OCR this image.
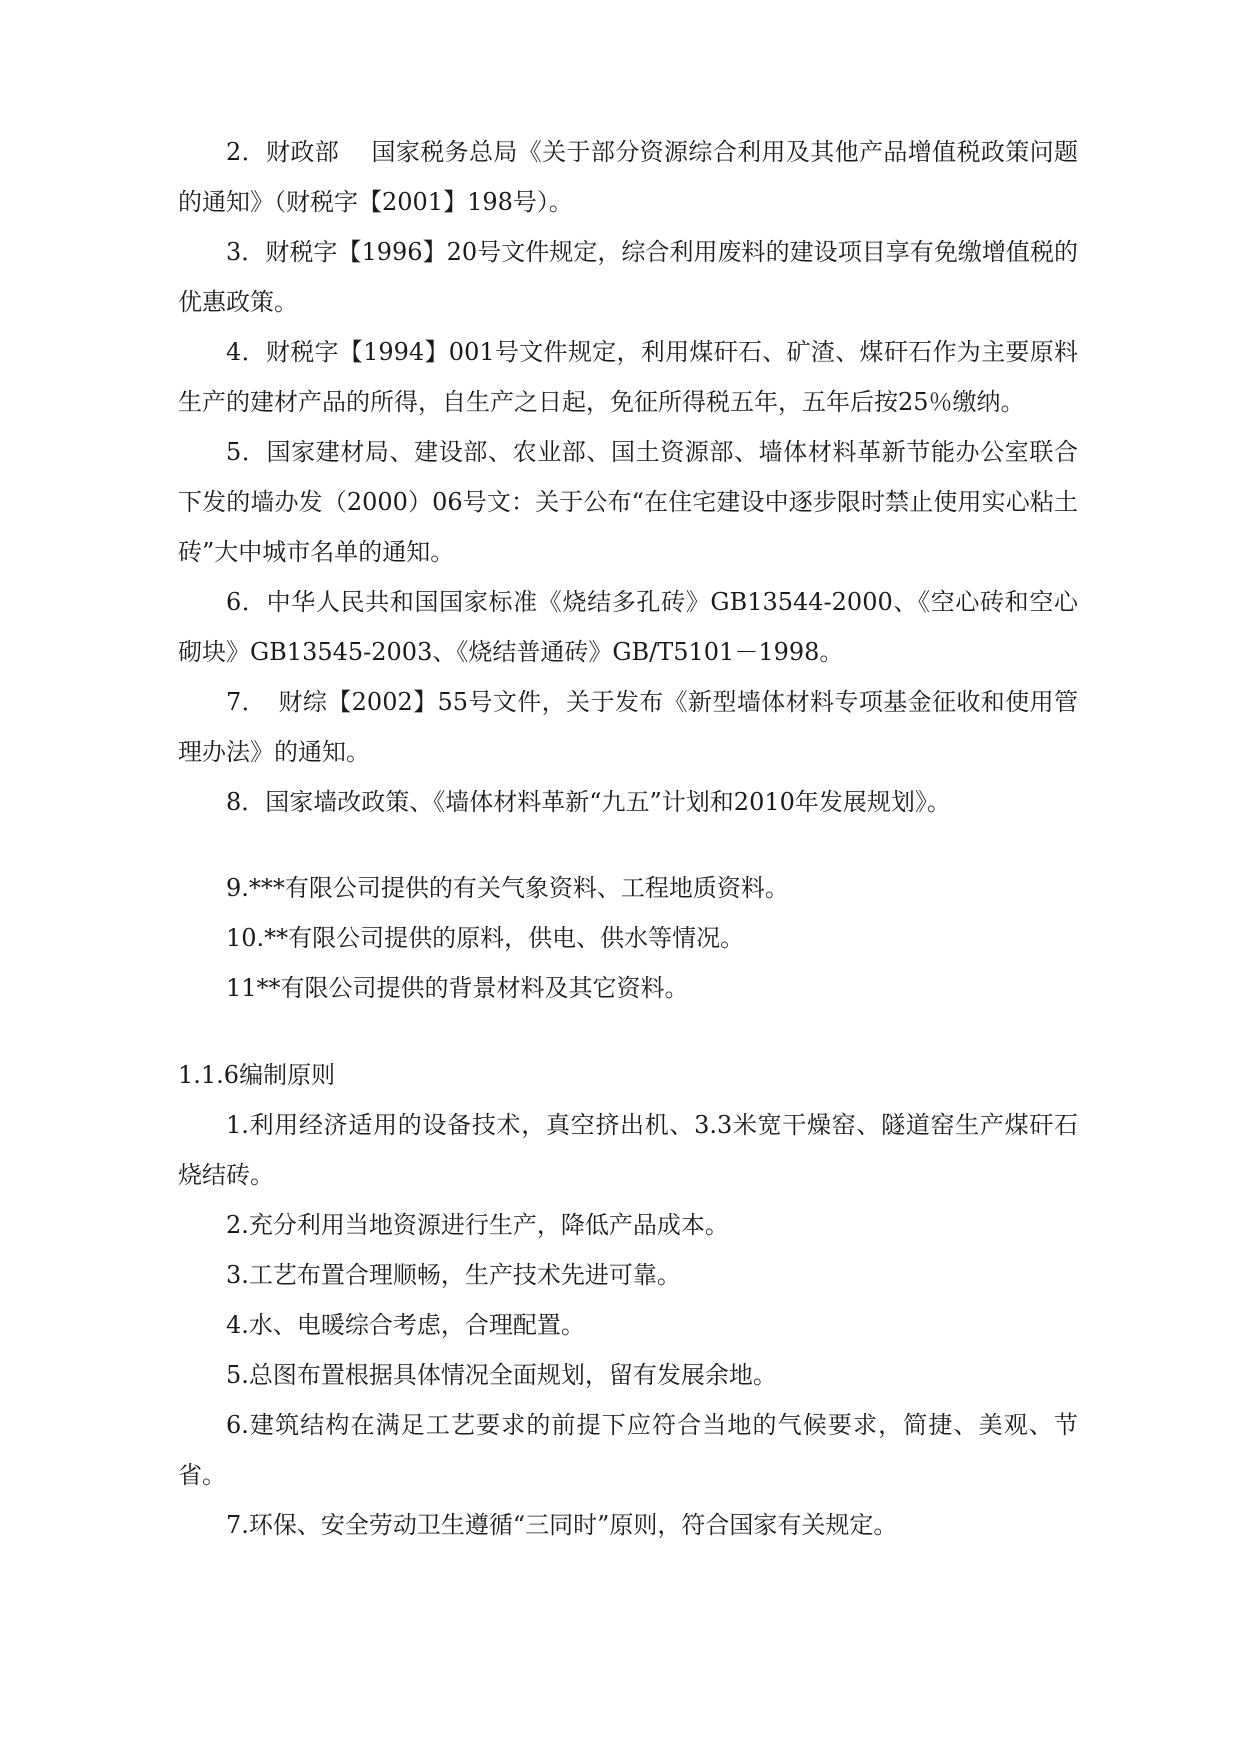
2．财政部　 国家税务总局《关于部分资源综合利用及其他产品增值税政策问题的通知》（财税字【2001】198号）。

3．财税字【1996】20号文件规定，综合利用废料的建设项目享有免缴增值税的优惠政策。

4．财税字【1994】001号文件规定，利用煤矸石、矿渣、煤矸石作为主要原料生产的建材产品的所得，自生产之日起，免征所得税五年，五年后按25％缴纳。

5．国家建材局、建设部、农业部、国土资源部、墙体材料革新节能办公室联合下发的墙办发（2000）06号文：关于公布“在住宅建设中逐步限时禁止使用实心粘土砖”大中城市名单的通知。

6．中华人民共和国国家标准《烧结多孔砖》GB13544-2000、《空心砖和空心砌块》GB13545-2003、《烧结普通砖》GB/T5101－1998。

7．　财综【2002】55号文件，关于发布《新型墙体材料专项基金征收和使用管理办法》的通知。

8．国家墙改政策、《墙体材料革新“九五”计划和2010年发展规划》。

9.***有限公司提供的有关气象资料、工程地质资料。

10.**有限公司提供的原料，供电、供水等情况。

11**有限公司提供的背景材料及其它资料。

1.1.6编制原则

1.利用经济适用的设备技术，真空挤出机、3.3米宽干燥窑、隧道窑生产煤矸石烧结砖。

2.充分利用当地资源进行生产，降低产品成本。

3.工艺布置合理顺畅，生产技术先进可靠。

4.水、电暖综合考虑，合理配置。

5.总图布置根据具体情况全面规划，留有发展余地。

6.建筑结构在满足工艺要求的前提下应符合当地的气候要求，简捷、美观、节省。

7.环保、安全劳动卫生遵循“三同时”原则，符合国家有关规定。
